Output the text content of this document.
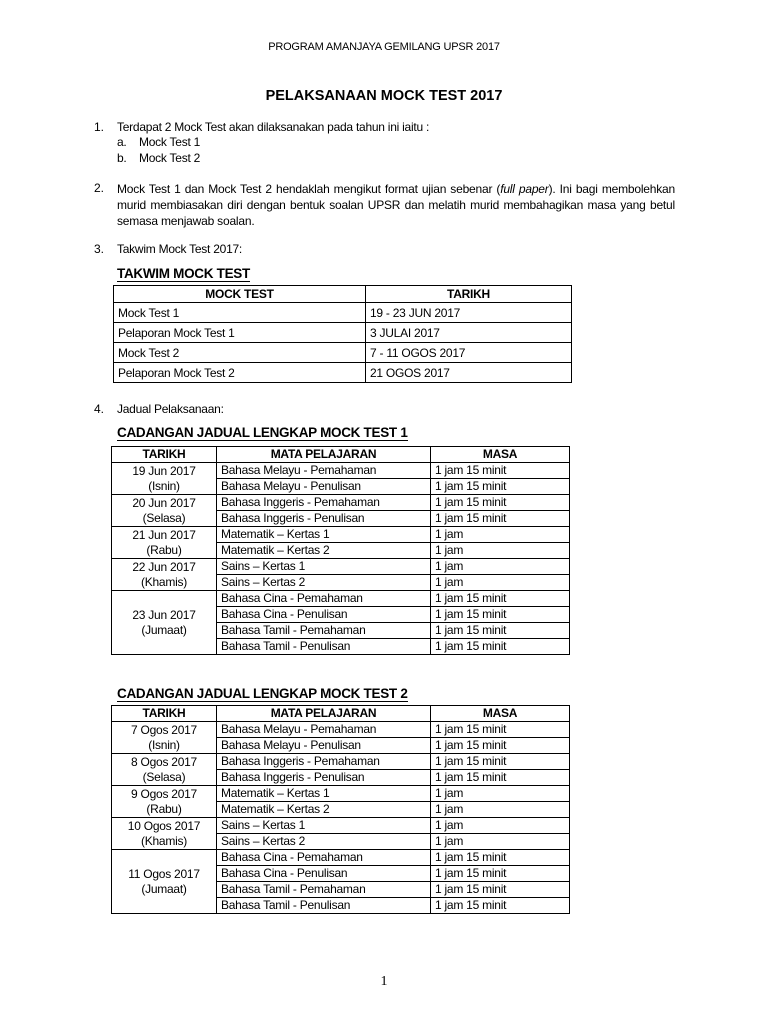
PROGRAM AMANJAYA GEMILANG UPSR 2017
PELAKSANAAN MOCK TEST 2017
1. Terdapat 2 Mock Test akan dilaksanakan pada tahun ini iaitu :
a. Mock Test 1
b. Mock Test 2
2. Mock Test 1 dan Mock Test 2 hendaklah mengikut format ujian sebenar (full paper). Ini bagi membolehkan murid membiasakan diri dengan bentuk soalan UPSR dan melatih murid membahagikan masa yang betul semasa menjawab soalan.
3. Takwim Mock Test 2017:
TAKWIM MOCK TEST
MOCK TEST	TARIKH
Mock Test 1	19 - 23 JUN 2017
Pelaporan Mock Test 1	3 JULAI 2017
Mock Test 2	7 - 11 OGOS 2017
Pelaporan Mock Test 2	21 OGOS 2017
4. Jadual Pelaksanaan:
CADANGAN JADUAL LENGKAP MOCK TEST 1
TARIKH	MATA PELAJARAN	MASA

19 Jun 2017
(Isnin)	Bahasa Melayu - Pemahaman	1 jam 15 minit
	Bahasa Melayu - Penulisan	1 jam 15 minit

20 Jun 2017
(Selasa)	Bahasa Inggeris - Pemahaman	1 jam 15 minit
	Bahasa Inggeris - Penulisan	1 jam 15 minit

21 Jun 2017
(Rabu)	Matematik – Kertas 1	1 jam
	Matematik – Kertas 2	1 jam

22 Jun 2017
(Khamis)	Sains – Kertas 1	1 jam
	Sains – Kertas 2	1 jam

23 Jun 2017
(Jumaat)	Bahasa Cina - Pemahaman	1 jam 15 minit
	Bahasa Cina - Penulisan	1 jam 15 minit
	Bahasa Tamil - Pemahaman	1 jam 15 minit
	Bahasa Tamil - Penulisan	1 jam 15 minit
CADANGAN JADUAL LENGKAP MOCK TEST 2
TARIKH	MATA PELAJARAN	MASA

7 Ogos 2017
(Isnin)	Bahasa Melayu - Pemahaman	1 jam 15 minit
	Bahasa Melayu - Penulisan	1 jam 15 minit

8 Ogos 2017
(Selasa)	Bahasa Inggeris - Pemahaman	1 jam 15 minit
	Bahasa Inggeris - Penulisan	1 jam 15 minit

9 Ogos 2017
(Rabu)	Matematik – Kertas 1	1 jam
	Matematik – Kertas 2	1 jam

10 Ogos 2017
(Khamis)	Sains – Kertas 1	1 jam
	Sains – Kertas 2	1 jam

11 Ogos 2017
(Jumaat)	Bahasa Cina - Pemahaman	1 jam 15 minit
	Bahasa Cina - Penulisan	1 jam 15 minit
	Bahasa Tamil - Pemahaman	1 jam 15 minit
	Bahasa Tamil - Penulisan	1 jam 15 minit
1
